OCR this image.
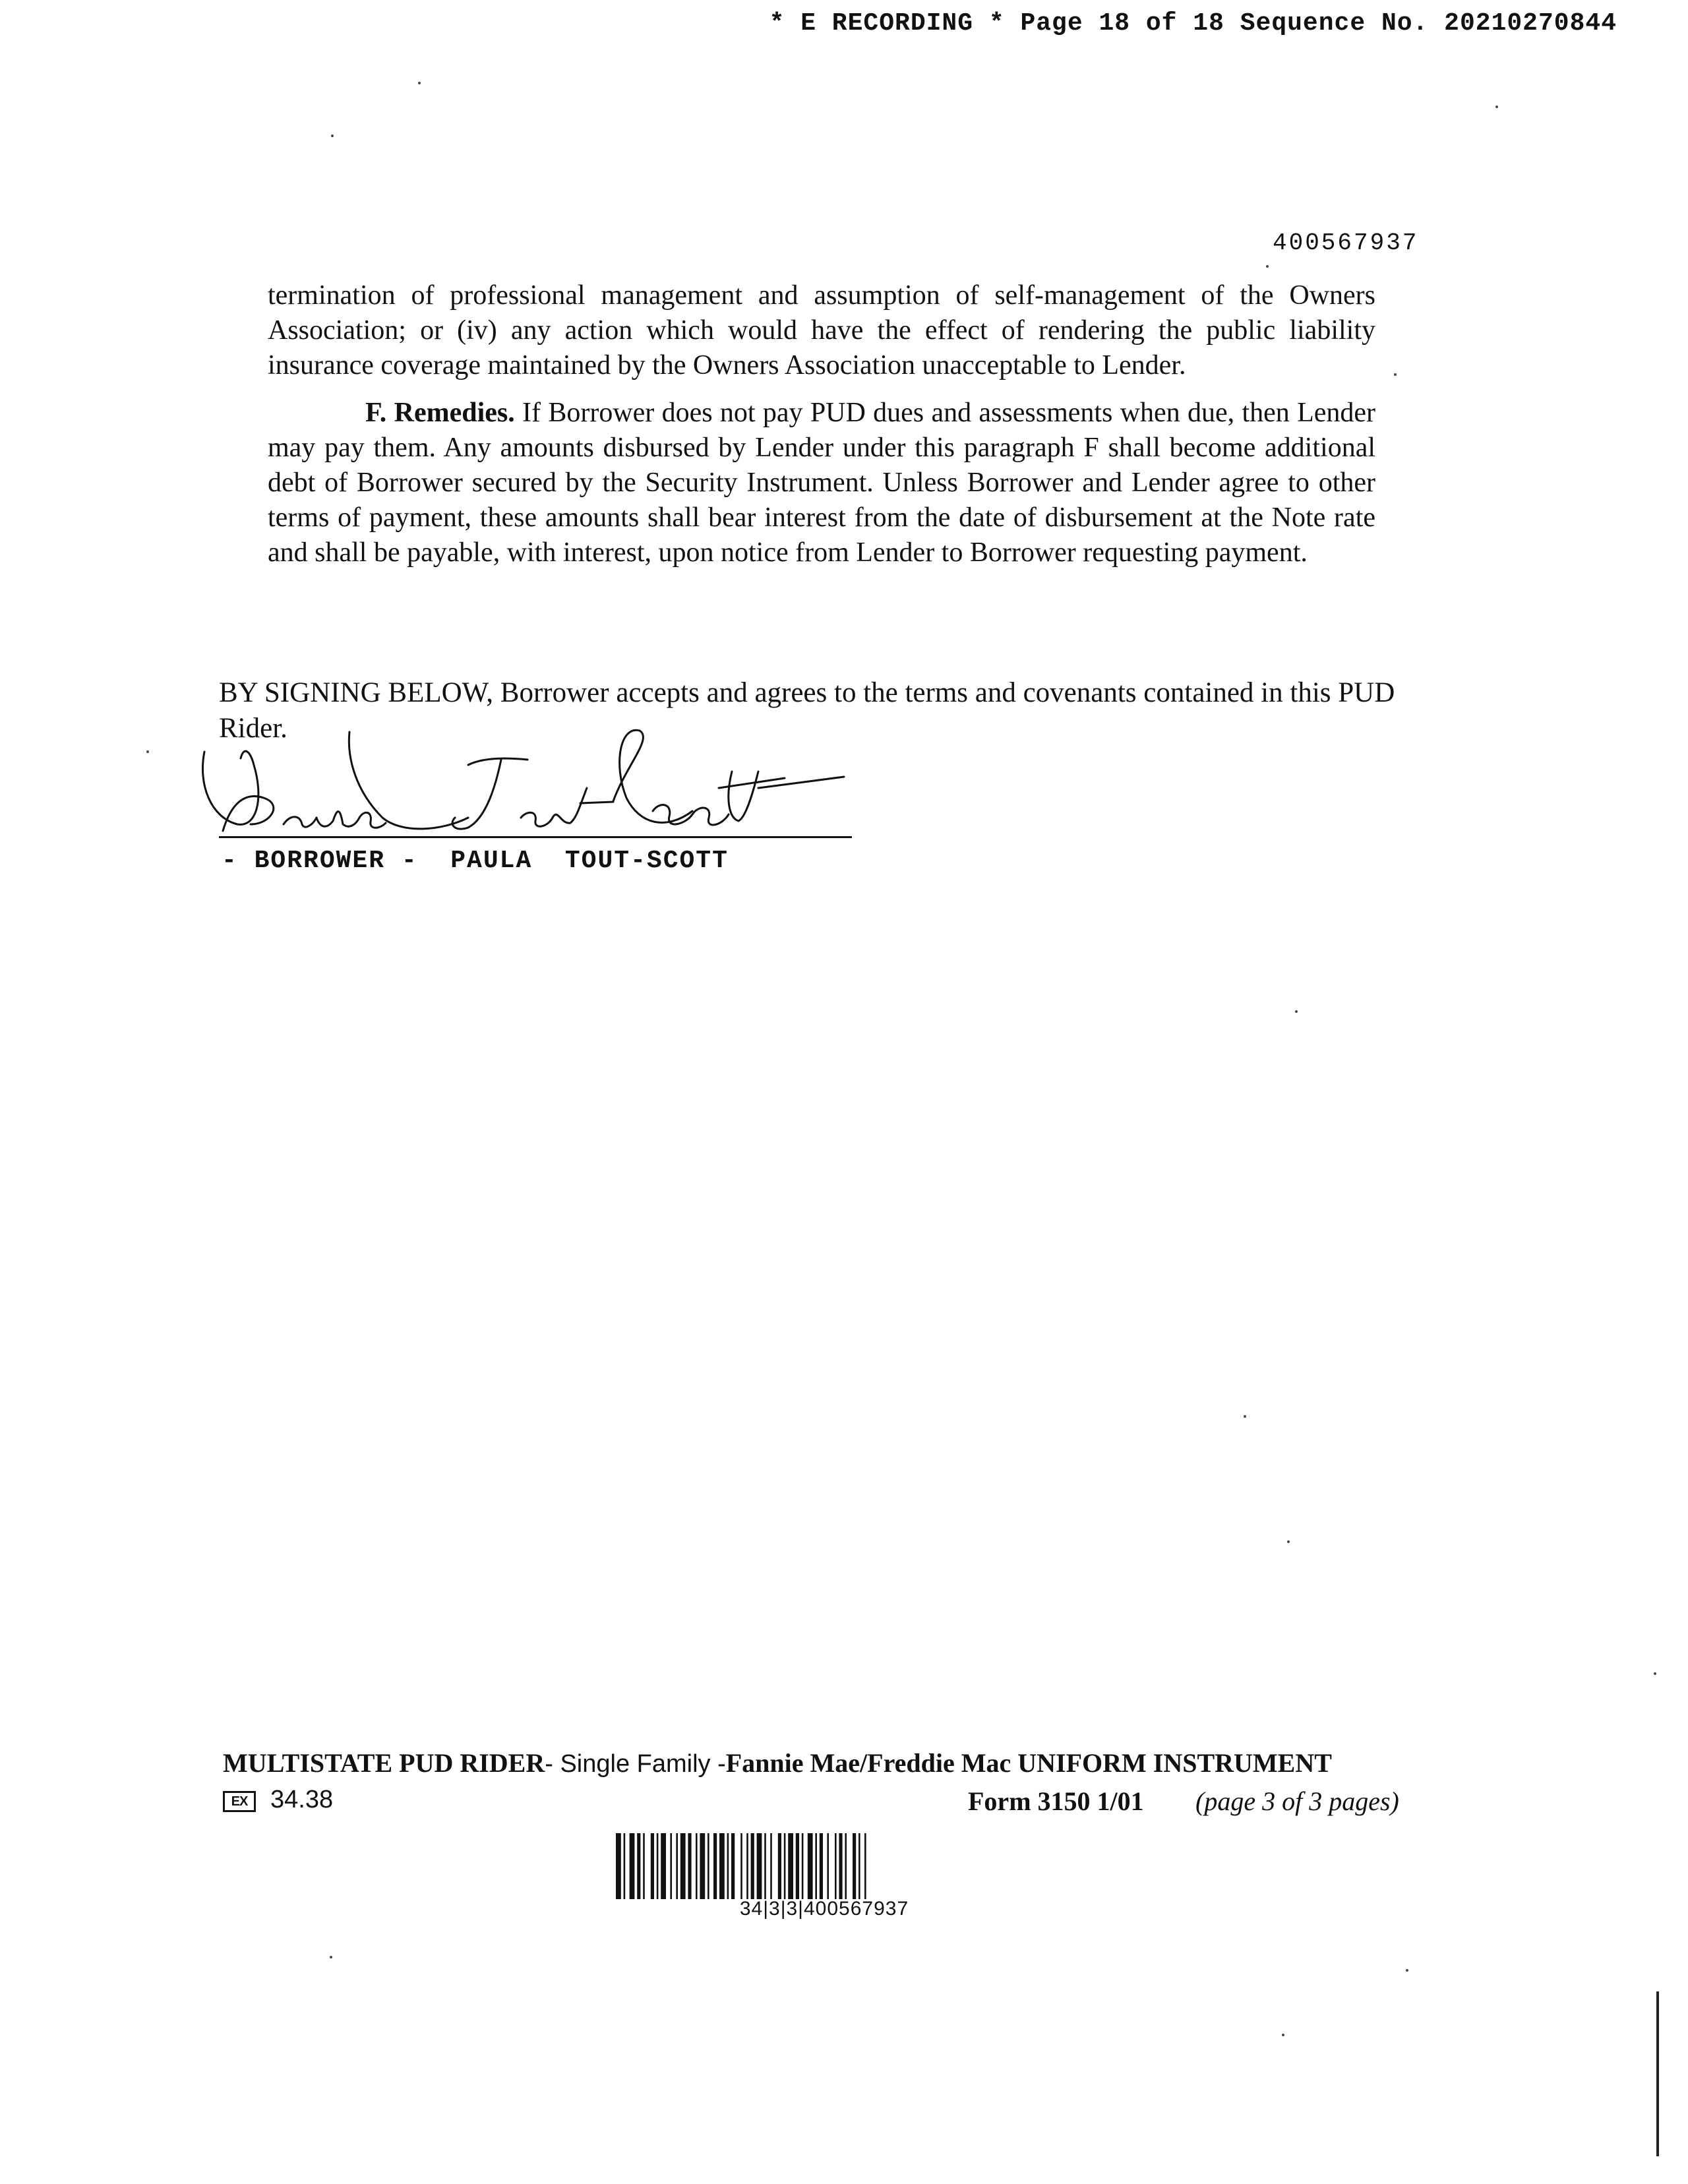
* E RECORDING * Page 18 of 18 Sequence No. 20210270844
400567937
termination of professional management and assumption of self-management of the Owners Association; or (iv) any action which would have the effect of rendering the public liability insurance coverage maintained by the Owners Association unacceptable to Lender.
F. Remedies. If Borrower does not pay PUD dues and assessments when due, then Lender may pay them. Any amounts disbursed by Lender under this paragraph F shall become additional debt of Borrower secured by the Security Instrument. Unless Borrower and Lender agree to other terms of payment, these amounts shall bear interest from the date of disbursement at the Note rate and shall be payable, with interest, upon notice from Lender to Borrower requesting payment.
BY SIGNING BELOW, Borrower accepts and agrees to the terms and covenants contained in this PUD Rider.
- BORROWER -  PAULA  TOUT-SCOTT
MULTISTATE PUD RIDER- Single Family -Fannie Mae/Freddie Mac UNIFORM INSTRUMENT
EX 34.38	Form 3150 1/01 (page 3 of 3 pages)
34|3|3|400567937
